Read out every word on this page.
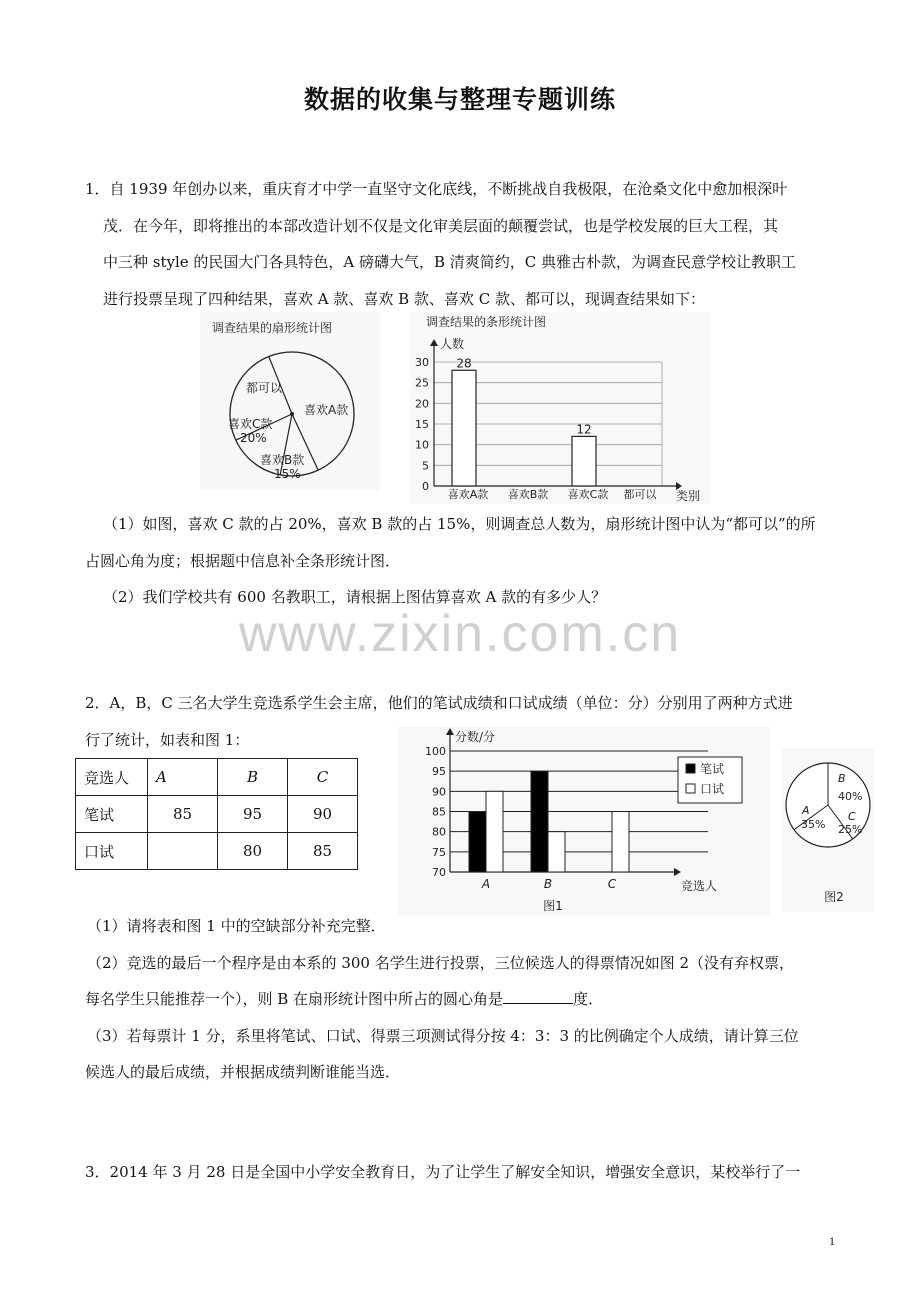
数据的收集与整理专题训练
1．自 1939 年创办以来，重庆育才中学一直坚守文化底线，不断挑战自我极限，在沧桑文化中愈加根深叶
茂．在今年，即将推出的本部改造计划不仅是文化审美层面的颠覆尝试，也是学校发展的巨大工程，其
中三种 style 的民国大门各具特色，A 磅礴大气，B 清爽简约，C 典雅古朴款，为调查民意学校让教职工
进行投票呈现了四种结果，喜欢 A 款、喜欢 B 款、喜欢 C 款、都可以，现调查结果如下：
调查结果的扇形统计图
喜欢A款
都可以
喜欢C款
20%
喜欢B款
15%
调查结果的条形统计图
0
5
10
15
20
25
30
人数
类别
喜欢A款
28
喜欢B款 喜欢C款
12
都可以
（1）如图，喜欢 C 款的占 20%，喜欢 B 款的占 15%，则调查总人数为，扇形统计图中认为“都可以”的所
占圆心角为度；根据题中信息补全条形统计图．
（2）我们学校共有 600 名教职工，请根据上图估算喜欢 A 款的有多少人？
www.zixin.com.cn
2．A，B，C 三名大学生竞选系学生会主席，他们的笔试成绩和口试成绩（单位：分）分别用了两种方式进
行了统计，如表和图 1：
竞选人	A	B	C
笔试	85	95	90
口试		80	85
70
75
80
85
90
95
100
分数/分
竞选人
A	B	C
笔试
口试
图1
A
35%
B
40%
C
25%
图2
（1）请将表和图 1 中的空缺部分补充完整．
（2）竞选的最后一个程序是由本系的 300 名学生进行投票，三位候选人的得票情况如图 2（没有弃权票，
每名学生只能推荐一个），则 B 在扇形统计图中所占的圆心角是	度．
（3）若每票计 1 分，系里将笔试、口试、得票三项测试得分按 4：3：3 的比例确定个人成绩，请计算三位
候选人的最后成绩，并根据成绩判断谁能当选．
3．2014 年 3 月 28 日是全国中小学安全教育日，为了让学生了解安全知识，增强安全意识，某校举行了一
1
